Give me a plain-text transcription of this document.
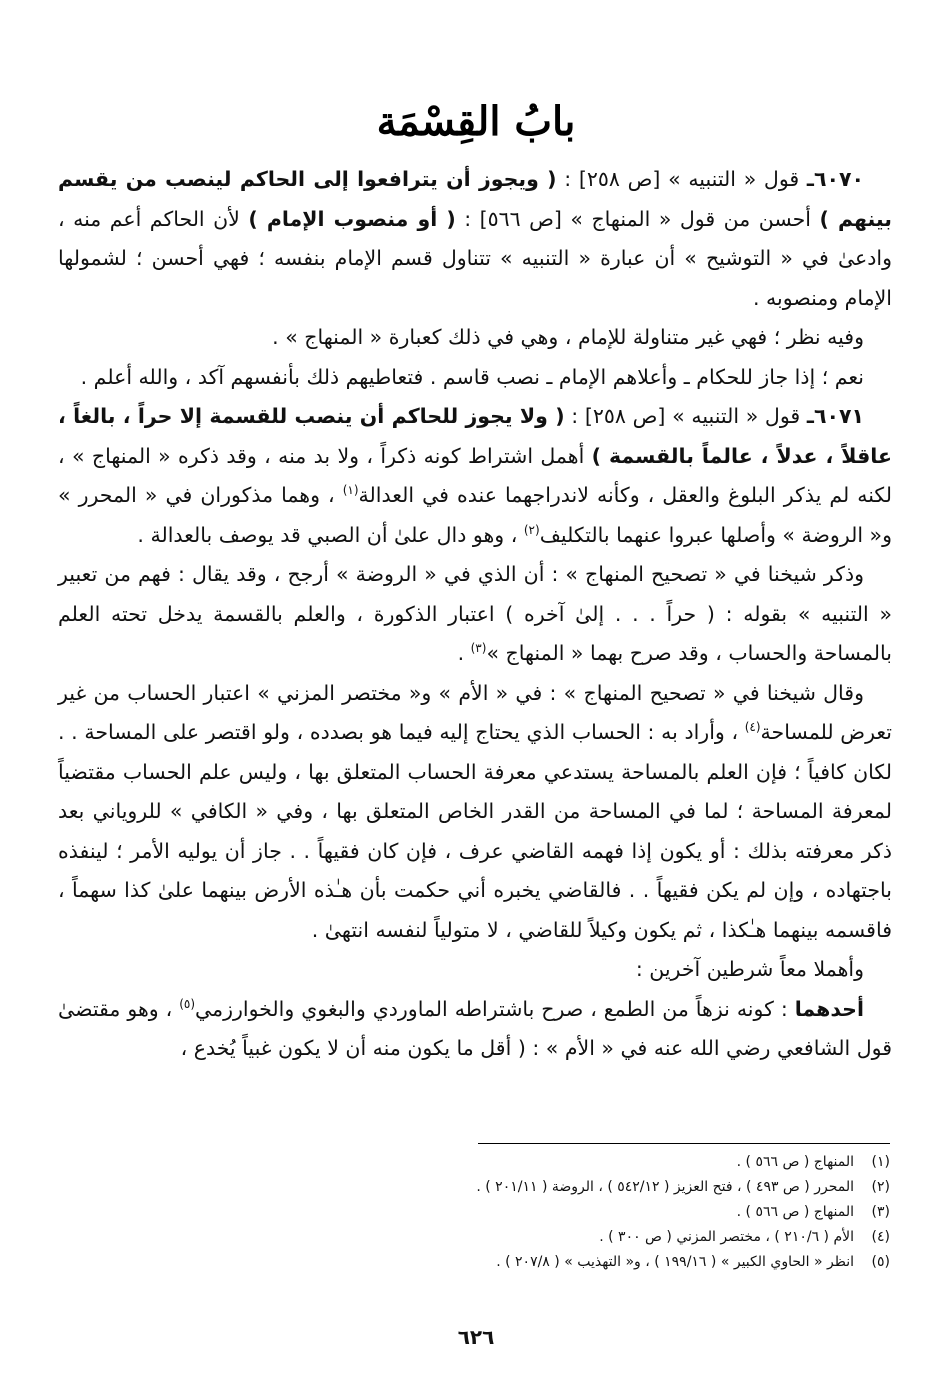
بابُ القِسْمَة

٦٠٧٠ـ قول « التنبيه » [ص ٢٥٨] : ( ويجوز أن يترافعوا إلى الحاكم لينصب من يقسم بينهم ) أحسن من قول « المنهاج » [ص ٥٦٦] : ( أو منصوب الإمام ) لأن الحاكم أعم منه ، وادعىٰ في « التوشيح » أن عبارة « التنبيه » تتناول قسم الإمام بنفسه ؛ فهي أحسن ؛ لشمولها الإمام ومنصوبه .

وفيه نظر ؛ فهي غير متناولة للإمام ، وهي في ذلك كعبارة « المنهاج » .

نعم ؛ إذا جاز للحكام ـ وأعلاهم الإمام ـ نصب قاسم . فتعاطيهم ذلك بأنفسهم آكد ، والله أعلم .

٦٠٧١ـ قول « التنبيه » [ص ٢٥٨] : ( ولا يجوز للحاكم أن ينصب للقسمة إلا حراً ، بالغاً ، عاقلاً ، عدلاً ، عالماً بالقسمة ) أهمل اشتراط كونه ذكراً ، ولا بد منه ، وقد ذكره « المنهاج » ، لكنه لم يذكر البلوغ والعقل ، وكأنه لاندراجهما عنده في العدالة$^{(١)}$ ، وهما مذكوران في « المحرر » و« الروضة » وأصلها عبروا عنهما بالتكليف$^{(٢)}$ ، وهو دال علىٰ أن الصبي قد يوصف بالعدالة .

وذكر شيخنا في « تصحيح المنهاج » : أن الذي في « الروضة » أرجح ، وقد يقال : فهم من تعبير « التنبيه » بقوله : ( حراً . . . إلىٰ آخره ) اعتبار الذكورة ، والعلم بالقسمة يدخل تحته العلم بالمساحة والحساب ، وقد صرح بهما « المنهاج »$^{(٣)}$ .

وقال شيخنا في « تصحيح المنهاج » : في « الأم » و« مختصر المزني » اعتبار الحساب من غير تعرض للمساحة$^{(٤)}$ ، وأراد به : الحساب الذي يحتاج إليه فيما هو بصدده ، ولو اقتصر على المساحة . . لكان كافياً ؛ فإن العلم بالمساحة يستدعي معرفة الحساب المتعلق بها ، وليس علم الحساب مقتضياً لمعرفة المساحة ؛ لما في المساحة من القدر الخاص المتعلق بها ، وفي « الكافي » للروياني بعد ذكر معرفته بذلك : أو يكون إذا فهمه القاضي عرف ، فإن كان فقيهاً . . جاز أن يوليه الأمر ؛ لينفذه باجتهاده ، وإن لم يكن فقيهاً . . فالقاضي يخبره أني حكمت بأن هـٰذه الأرض بينهما علىٰ كذا سهماً ، فاقسمه بينهما هـٰكذا ، ثم يكون وكيلاً للقاضي ، لا متولياً لنفسه انتهىٰ .

وأهملا معاً شرطين آخرين :

أحدهما : كونه نزهاً من الطمع ، صرح باشتراطه الماوردي والبغوي والخوارزمي$^{(٥)}$ ، وهو مقتضىٰ قول الشافعي رضي الله عنه في « الأم » : ( أقل ما يكون منه أن لا يكون غبياً يُخدع ،

(١)
المنهاج ( ص ٥٦٦ ) .
(٢)
المحرر ( ص ٤٩٣ ) ، فتح العزيز ( ٥٤٢/١٢ ) ، الروضة ( ٢٠١/١١ ) .
(٣)
المنهاج ( ص ٥٦٦ ) .
(٤)
الأم ( ٢١٠/٦ ) ، مختصر المزني ( ص ٣٠٠ ) .
(٥)
انظر « الحاوي الكبير » ( ١٩٩/١٦ ) ، و« التهذيب » ( ٢٠٧/٨ ) .
٦٢٦
